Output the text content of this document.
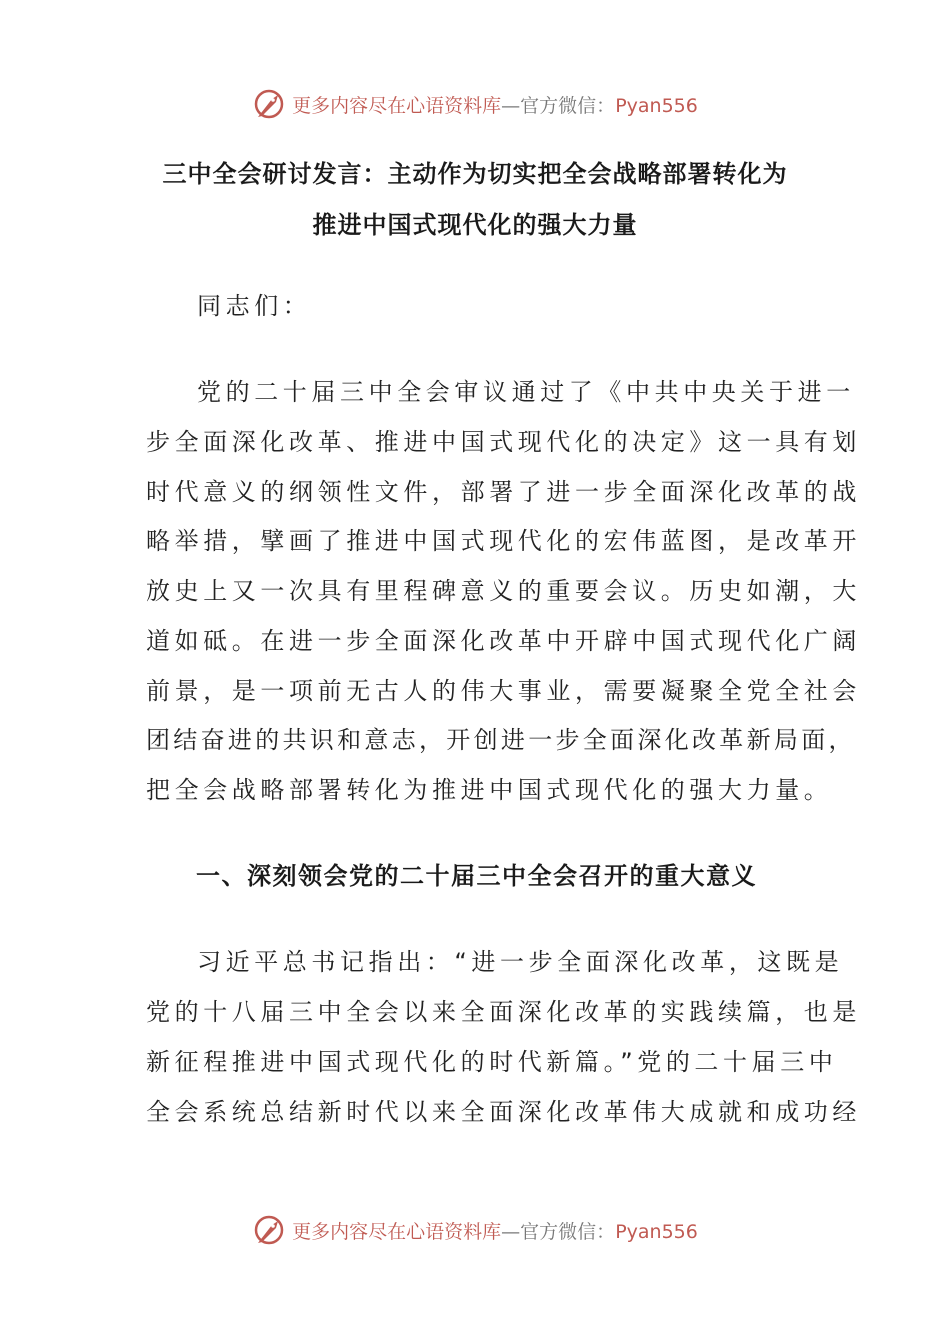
更多内容尽在心语资料库—官方微信：Pyan556
三中全会研讨发言：主动作为切实把全会战略部署转化为
推进中国式现代化的强大力量
同志们：
党的二十届三中全会审议通过了《中共中央关于进一
步全面深化改革、推进中国式现代化的决定》这一具有划
时代意义的纲领性文件，部署了进一步全面深化改革的战
略举措，擘画了推进中国式现代化的宏伟蓝图，是改革开
放史上又一次具有里程碑意义的重要会议。历史如潮，大
道如砥。在进一步全面深化改革中开辟中国式现代化广阔
前景，是一项前无古人的伟大事业，需要凝聚全党全社会
团结奋进的共识和意志，开创进一步全面深化改革新局面，
把全会战略部署转化为推进中国式现代化的强大力量。
一、深刻领会党的二十届三中全会召开的重大意义
习近平总书记指出：“进一步全面深化改革，这既是
党的十八届三中全会以来全面深化改革的实践续篇，也是
新征程推进中国式现代化的时代新篇。”党的二十届三中
全会系统总结新时代以来全面深化改革伟大成就和成功经
更多内容尽在心语资料库—官方微信：Pyan556
